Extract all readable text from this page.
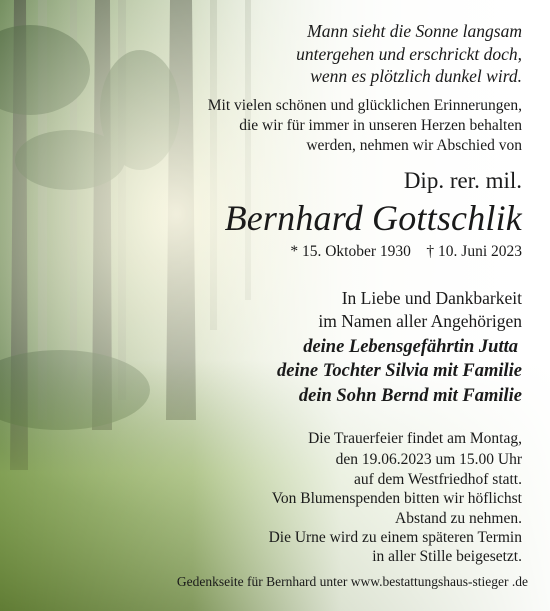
Mann sieht die Sonne langsam
untergehen und erschrickt doch,
wenn es plötzlich dunkel wird.
Mit vielen schönen und glücklichen Erinnerungen,
die wir für immer in unseren Herzen behalten
werden, nehmen wir Abschied von
Dip. rer. mil.
Bernhard Gottschlik
* 15. Oktober 1930 † 10. Juni 2023
In Liebe und Dankbarkeit
im Namen aller Angehörigen
deine Lebensgefährtin Jutta
deine Tochter Silvia mit Familie
dein Sohn Bernd mit Familie
Die Trauerfeier findet am Montag,
den 19.06.2023 um 15.00 Uhr
auf dem Westfriedhof statt.
Von Blumenspenden bitten wir höflichst
Abstand zu nehmen.
Die Urne wird zu einem späteren Termin
in aller Stille beigesetzt.
Gedenkseite für Bernhard unter www.bestattungshaus-stieger .de
